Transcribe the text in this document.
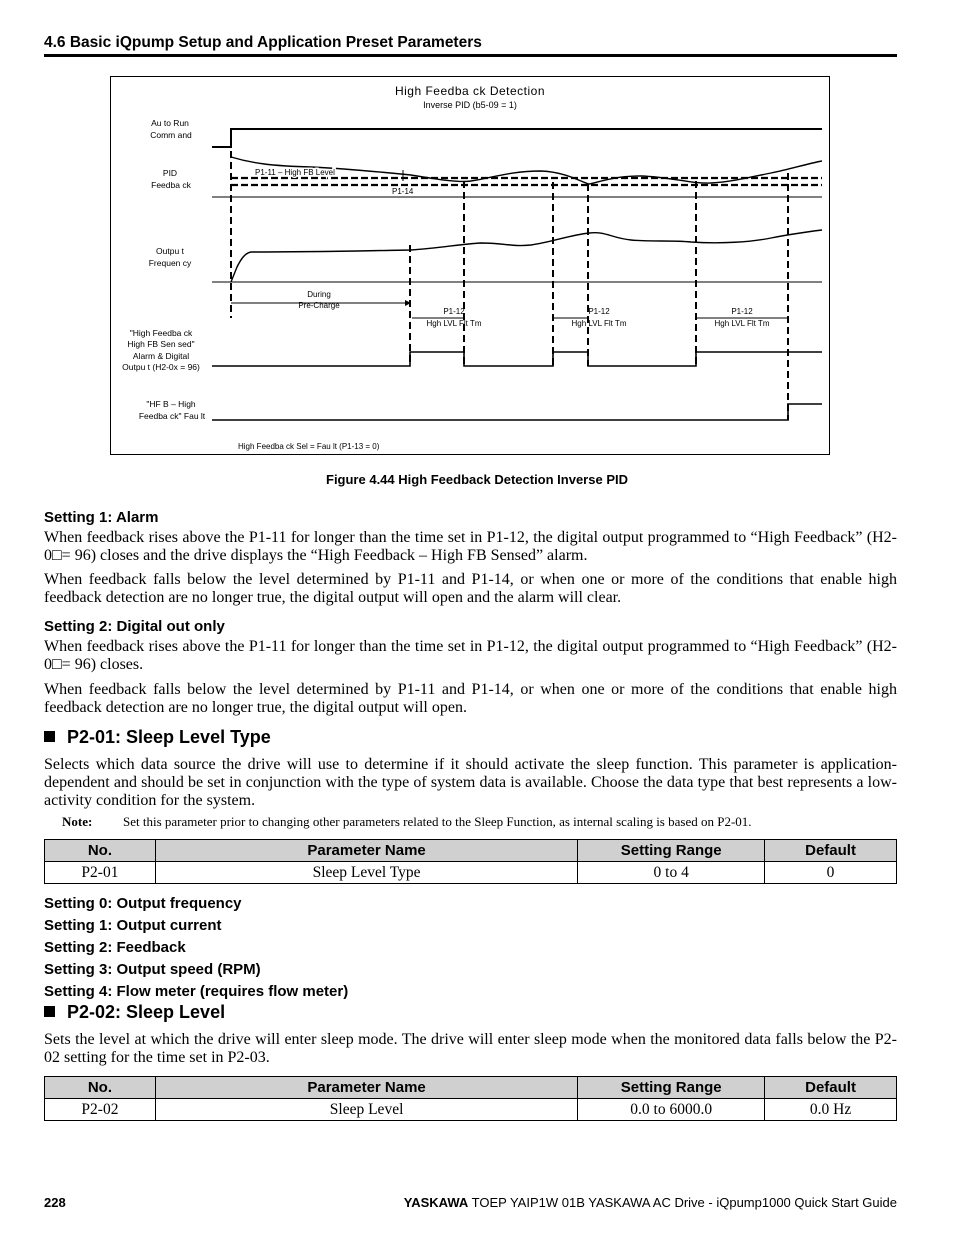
4.6 Basic iQpump Setup and Application Preset Parameters
High Feedba ck Detection
Inverse PID (b5-09 = 1)
Au to Run
Comm and
PID
Feedba ck
Outpu t
Frequen cy
"High Feedba ck
High FB Sen sed"
Alarm & Digital
Outpu t (H2-0x = 96)
"HF B – High
Feedba ck" Fau lt
P1-11 – High FB Level
P1-14
During
Pre-Charge
P1-12
Hgh LVL Flt Tm
P1-12
Hgh LVL Flt Tm
P1-12
Hgh LVL Flt Tm
High Feedba ck Sel = Fau lt (P1-13 = 0)
Figure 4.44 High Feedback Detection Inverse PID
Setting 1: Alarm
When feedback rises above the P1-11 for longer than the time set in P1-12, the digital output programmed to “High Feedback” (H2-0□= 96) closes and the drive displays the “High Feedback – High FB Sensed” alarm.
When feedback falls below the level determined by P1-11 and P1-14, or when one or more of the conditions that enable high feedback detection are no longer true, the digital output will open and the alarm will clear.
Setting 2: Digital out only
When feedback rises above the P1-11 for longer than the time set in P1-12, the digital output programmed to “High Feedback” (H2-0□= 96) closes.
When feedback falls below the level determined by P1-11 and P1-14, or when one or more of the conditions that enable high feedback detection are no longer true, the digital output will open.
P2-01: Sleep Level Type
Selects which data source the drive will use to determine if it should activate the sleep function. This parameter is application-dependent and should be set in conjunction with the type of system data is available. Choose the data type that best represents a low-activity condition for the system.
Note: Set this parameter prior to changing other parameters related to the Sleep Function, as internal scaling is based on P2-01.
No.	Parameter Name	Setting Range	Default
P2-01	Sleep Level Type	0 to 4	0
Setting 0: Output frequency
Setting 1: Output current
Setting 2: Feedback
Setting 3: Output speed (RPM)
Setting 4: Flow meter (requires flow meter)
P2-02: Sleep Level
Sets the level at which the drive will enter sleep mode. The drive will enter sleep mode when the monitored data falls below the P2-02 setting for the time set in P2-03.
No.	Parameter Name	Setting Range	Default
P2-02	Sleep Level	0.0 to 6000.0	0.0 Hz
228	YASKAWA TOEP YAIP1W 01B YASKAWA AC Drive - iQpump1000 Quick Start Guide
